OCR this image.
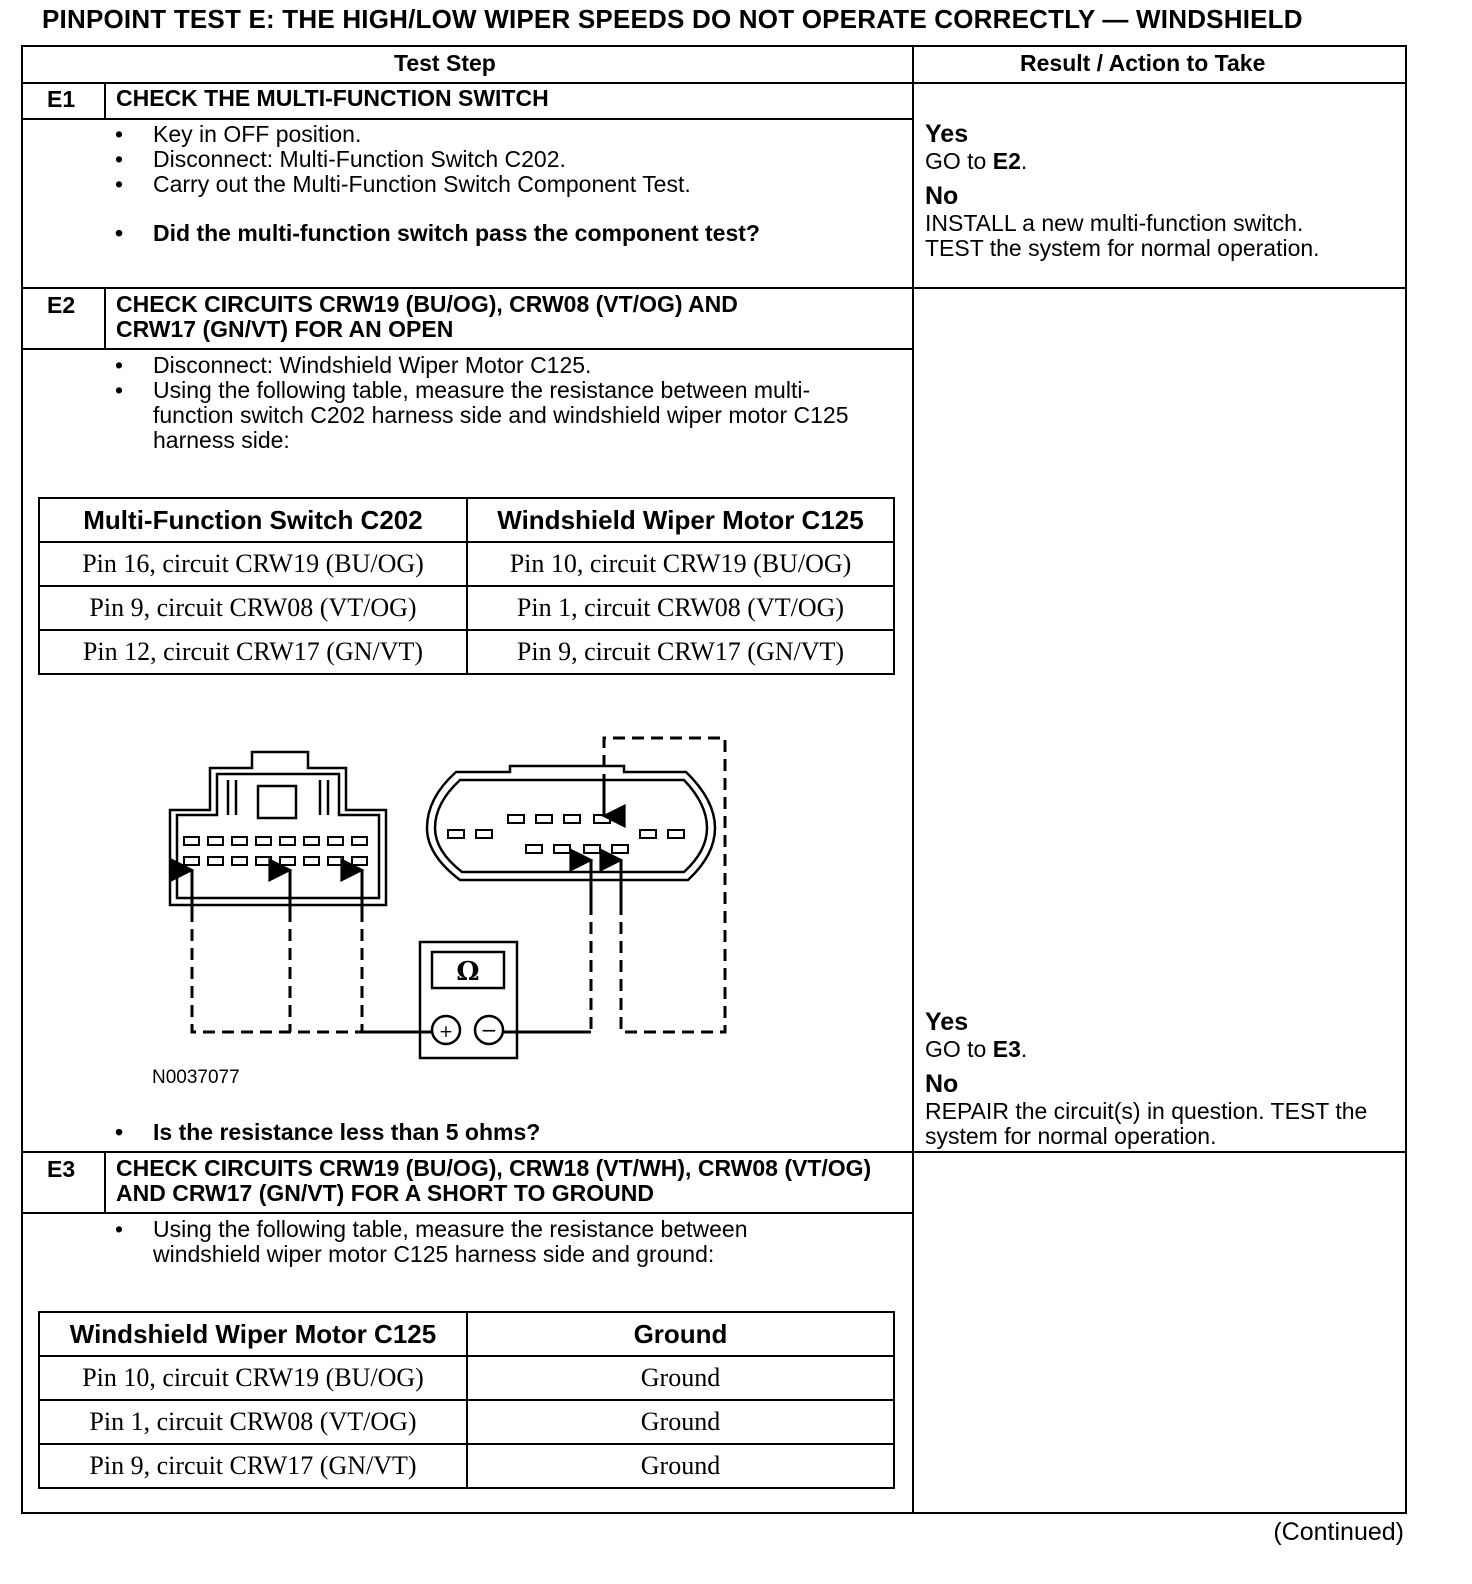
PINPOINT TEST E: THE HIGH/LOW WIPER SPEEDS DO NOT OPERATE CORRECTLY — WINDSHIELD
Test Step	Result / Action to Take
E1 CHECK THE MULTI-FUNCTION SWITCH
• Key in OFF position.
• Disconnect: Multi-Function Switch C202.
• Carry out the Multi-Function Switch Component Test.
• Did the multi-function switch pass the component test?
Yes
GO to E2.
No
INSTALL a new multi-function switch. TEST the system for normal operation.
E2 CHECK CIRCUITS CRW19 (BU/OG), CRW08 (VT/OG) AND CRW17 (GN/VT) FOR AN OPEN
• Disconnect: Windshield Wiper Motor C125.
• Using the following table, measure the resistance between multi-function switch C202 harness side and windshield wiper motor C125 harness side:
Multi-Function Switch C202	Windshield Wiper Motor C125
Pin 16, circuit CRW19 (BU/OG)	Pin 10, circuit CRW19 (BU/OG)
Pin 9, circuit CRW08 (VT/OG)	Pin 1, circuit CRW08 (VT/OG)
Pin 12, circuit CRW17 (GN/VT)	Pin 9, circuit CRW17 (GN/VT)
Ω
+ −
N0037077
• Is the resistance less than 5 ohms?
Yes
GO to E3.
No
REPAIR the circuit(s) in question. TEST the system for normal operation.
E3 CHECK CIRCUITS CRW19 (BU/OG), CRW18 (VT/WH), CRW08 (VT/OG) AND CRW17 (GN/VT) FOR A SHORT TO GROUND
• Using the following table, measure the resistance between windshield wiper motor C125 harness side and ground:
Windshield Wiper Motor C125	Ground
Pin 10, circuit CRW19 (BU/OG)	Ground
Pin 1, circuit CRW08 (VT/OG)	Ground
Pin 9, circuit CRW17 (GN/VT)	Ground
(Continued)
